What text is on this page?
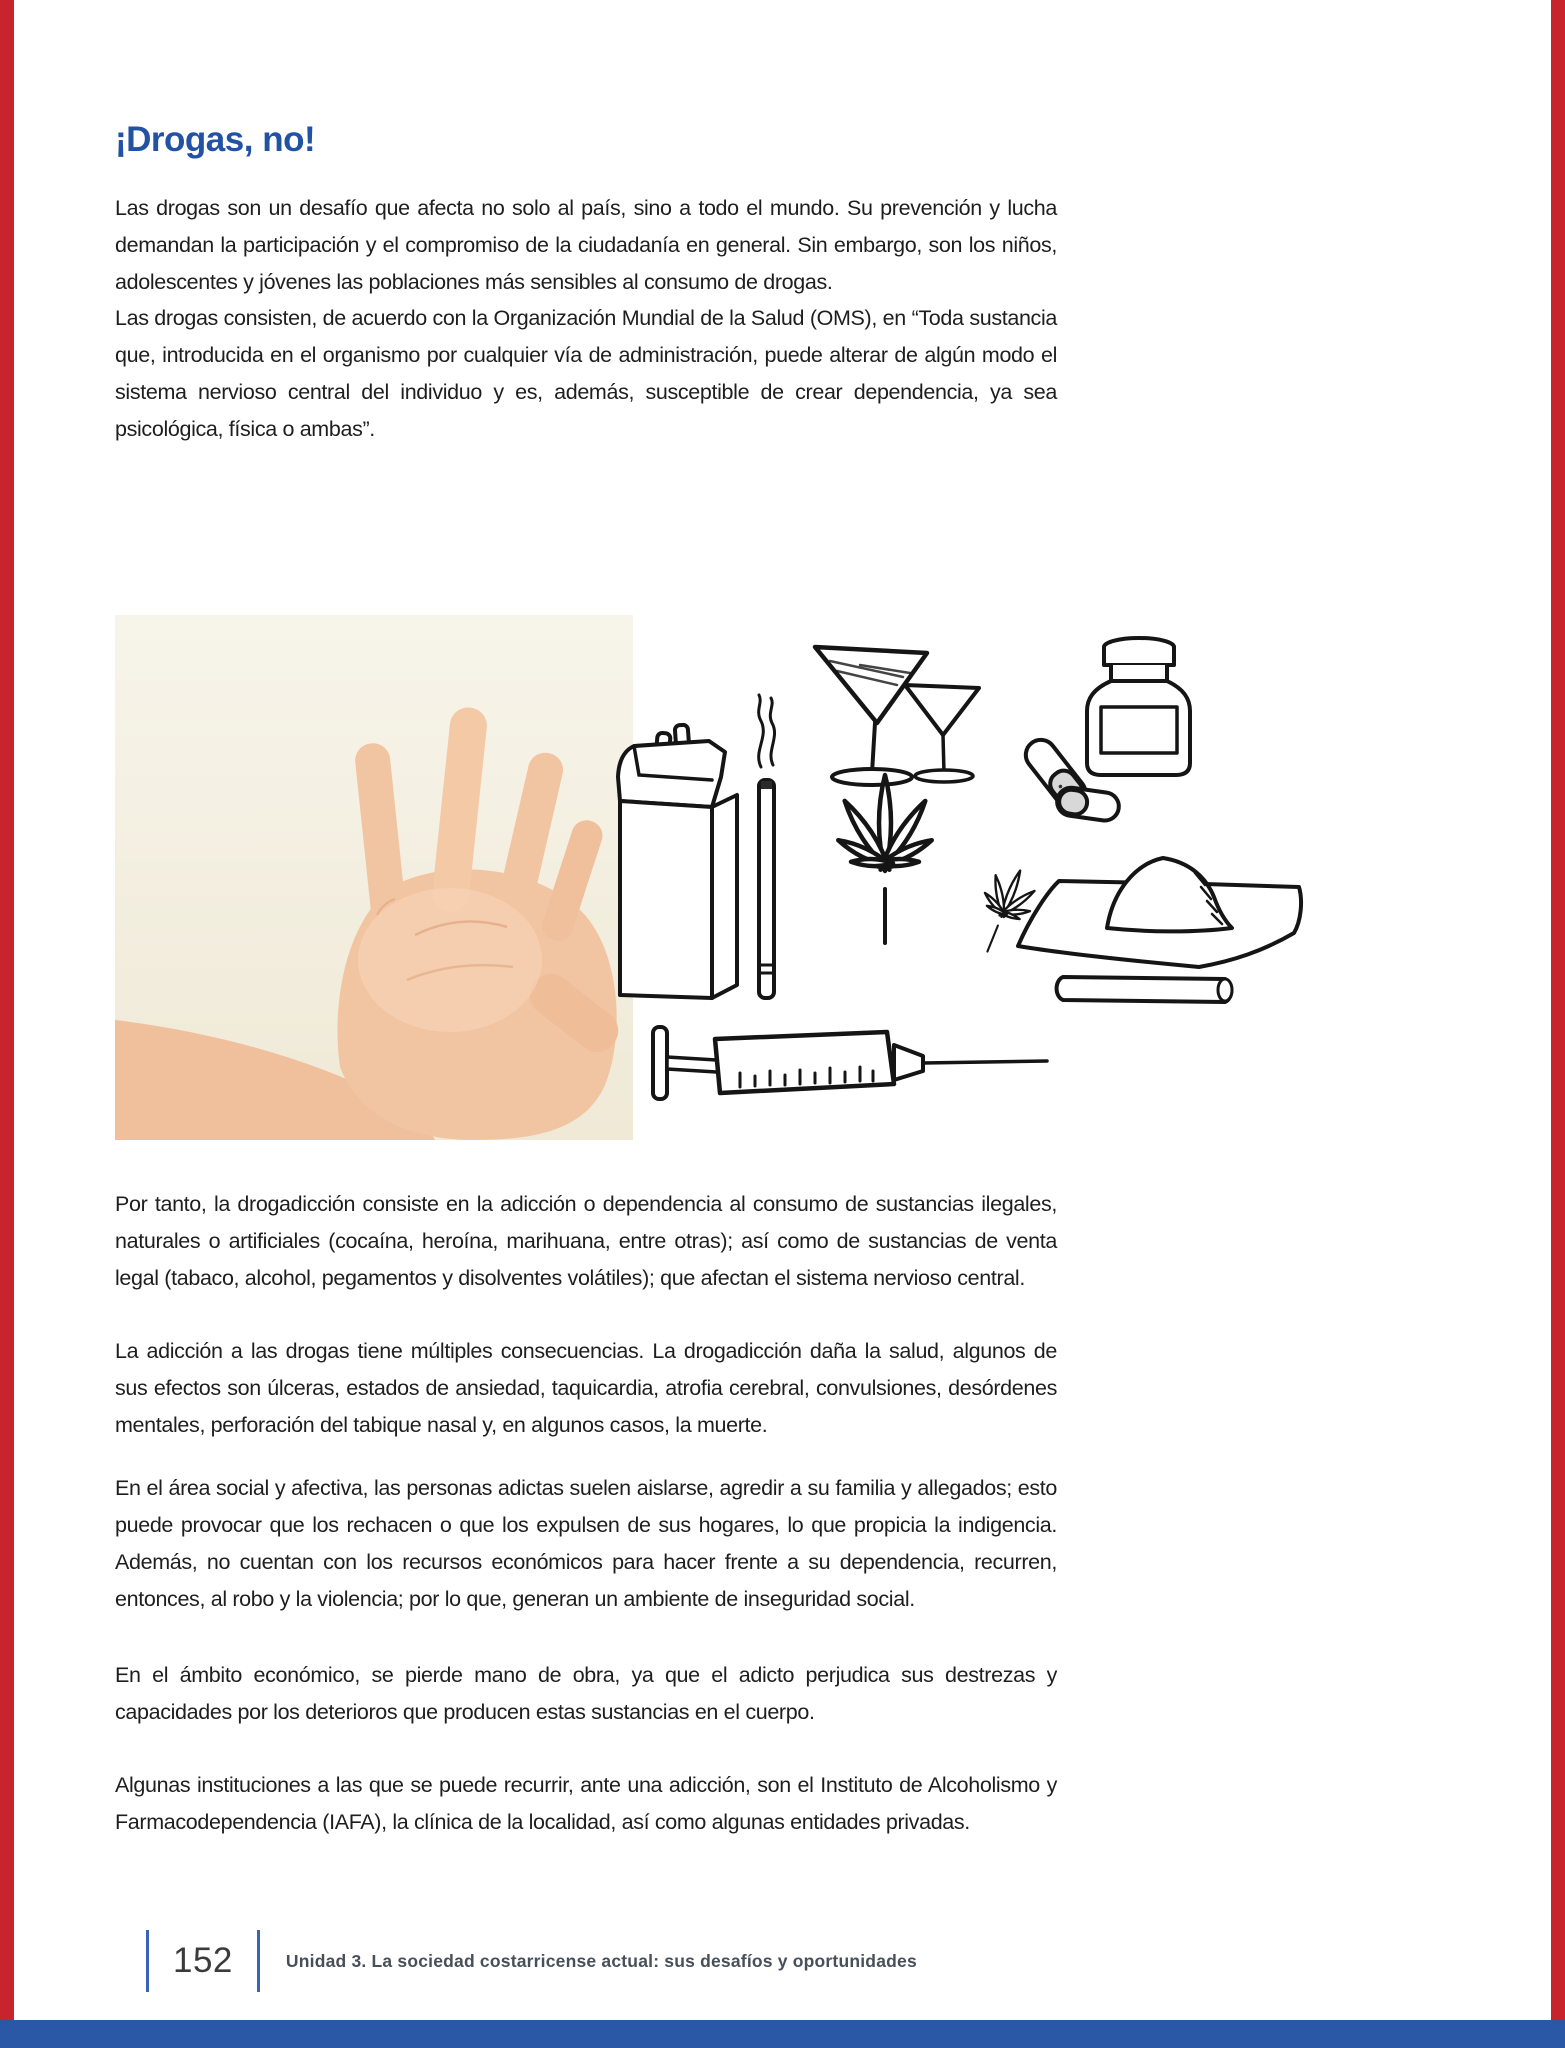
¡Drogas, no!

Las drogas son un desafío que afecta no solo al país, sino a todo el mundo. Su prevención y lucha demandan la participación y el compromiso de la ciudadanía en general. Sin embargo, son los niños, adolescentes y jóvenes las poblaciones más sensibles al consumo de drogas.

Las drogas consisten, de acuerdo con la Organización Mundial de la Salud (OMS), en “Toda sustancia que, introducida en el organismo por cualquier vía de administración, puede alterar de algún modo el sistema nervioso central del individuo y es, además, susceptible de crear dependencia, ya sea psicológica, física o ambas”.

Por tanto, la drogadicción consiste en la adicción o dependencia al consumo de sustancias ilegales, naturales o artificiales (cocaína, heroína, marihuana, entre otras); así como de sustancias de venta legal (tabaco, alcohol, pegamentos y disolventes volátiles); que afectan el sistema nervioso central.

La adicción a las drogas tiene múltiples consecuencias. La drogadicción daña la salud, algunos de sus efectos son úlceras, estados de ansiedad, taquicardia, atrofia cerebral, convulsiones, desórdenes mentales, perforación del tabique nasal y, en algunos casos, la muerte.

En el área social y afectiva, las personas adictas suelen aislarse, agredir a su familia y allegados; esto puede provocar que los rechacen o que los expulsen de sus hogares, lo que propicia la indigencia. Además, no cuentan con los recursos económicos para hacer frente a su dependencia, recurren, entonces, al robo y la violencia; por lo que, generan un ambiente de inseguridad social.

En el ámbito económico, se pierde mano de obra, ya que el adicto perjudica sus destrezas y capacidades por los deterioros que producen estas sustancias en el cuerpo.

Algunas instituciones a las que se puede recurrir, ante una adicción, son el Instituto de Alcoholismo y Farmacodependencia (IAFA), la clínica de la localidad, así como algunas entidades privadas.

152	Unidad 3. La sociedad costarricense actual: sus desafíos y oportunidades
